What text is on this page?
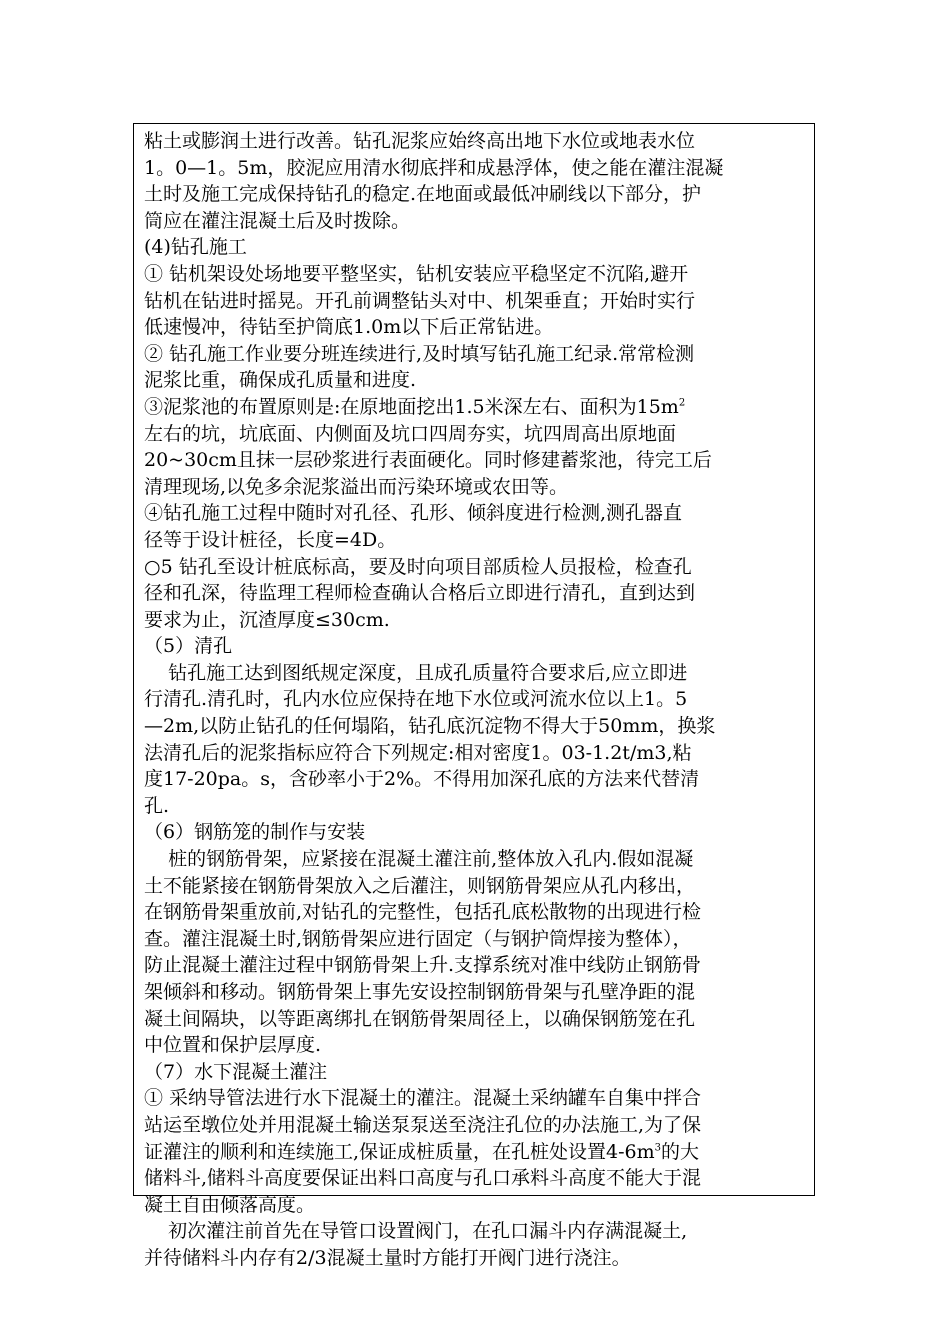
粘土或膨润土进行改善。钻孔泥浆应始终高出地下水位或地表水位
1。0—1。5m，胶泥应用清水彻底拌和成悬浮体，使之能在灌注混凝
土时及施工完成保持钻孔的稳定.在地面或最低冲刷线以下部分，护
筒应在灌注混凝土后及时拨除。
(4)钻孔施工
① 钻机架设处场地要平整坚实，钻机安装应平稳坚定不沉陷,避开
钻机在钻进时摇晃。开孔前调整钻头对中、机架垂直；开始时实行
低速慢冲，待钻至护筒底1.0m以下后正常钻进。
② 钻孔施工作业要分班连续进行,及时填写钻孔施工纪录.常常检测
泥浆比重，确保成孔质量和进度.
③泥浆池的布置原则是:在原地面挖出1.5米深左右、面积为$15m^2$
左右的坑，坑底面、内侧面及坑口四周夯实，坑四周高出原地面
20~30cm且抹一层砂浆进行表面硬化。同时修建蓄浆池，待完工后
清理现场,以免多余泥浆溢出而污染环境或农田等。
④钻孔施工过程中随时对孔径、孔形、倾斜度进行检测,测孔器直
径等于设计桩径，长度=4D。
○5 钻孔至设计桩底标高，要及时向项目部质检人员报检，检查孔
径和孔深，待监理工程师检查确认合格后立即进行清孔，直到达到
要求为止，沉渣厚度≤30cm.
（5）清孔
钻孔施工达到图纸规定深度，且成孔质量符合要求后,应立即进
行清孔.清孔时，孔内水位应保持在地下水位或河流水位以上1。5
—2m,以防止钻孔的任何塌陷，钻孔底沉淀物不得大于50mm，换浆
法清孔后的泥浆指标应符合下列规定:相对密度1。03-1.2t/m3,粘
度17-20pa。s，含砂率小于2%。不得用加深孔底的方法来代替清
孔.
（6）钢筋笼的制作与安装
桩的钢筋骨架，应紧接在混凝土灌注前,整体放入孔内.假如混凝
土不能紧接在钢筋骨架放入之后灌注，则钢筋骨架应从孔内移出，
在钢筋骨架重放前,对钻孔的完整性，包括孔底松散物的出现进行检
查。灌注混凝土时,钢筋骨架应进行固定（与钢护筒焊接为整体），
防止混凝土灌注过程中钢筋骨架上升.支撑系统对准中线防止钢筋骨
架倾斜和移动。钢筋骨架上事先安设控制钢筋骨架与孔壁净距的混
凝土间隔块，以等距离绑扎在钢筋骨架周径上，以确保钢筋笼在孔
中位置和保护层厚度.
（7）水下混凝土灌注
① 采纳导管法进行水下混凝土的灌注。混凝土采纳罐车自集中拌合
站运至墩位处并用混凝土输送泵泵送至浇注孔位的办法施工,为了保
证灌注的顺利和连续施工,保证成桩质量，在孔桩处设置$4-6m^3$的大
储料斗,储料斗高度要保证出料口高度与孔口承料斗高度不能大于混
凝土自由倾落高度。
初次灌注前首先在导管口设置阀门，在孔口漏斗内存满混凝土,
并待储料斗内存有2/3混凝土量时方能打开阀门进行浇注。
